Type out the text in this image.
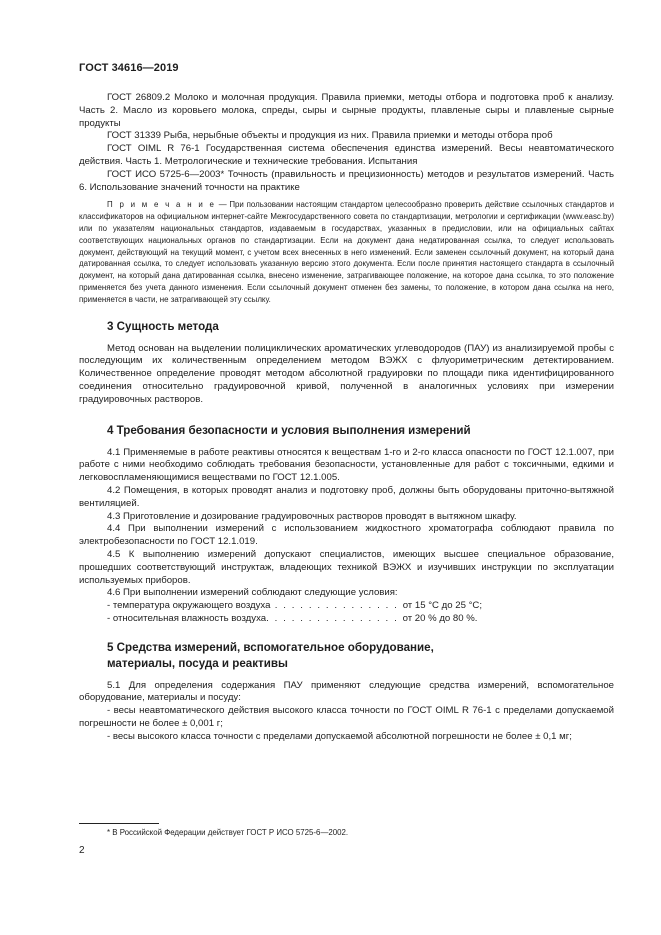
ГОСТ 34616—2019

ГОСТ 26809.2 Молоко и молочная продукция. Правила приемки, методы отбора и подготовка проб к анализу. Часть 2. Масло из коровьего молока, спреды, сыры и сырные продукты, плавленые сыры и плавленые сырные продукты

ГОСТ 31339 Рыба, нерыбные объекты и продукция из них. Правила приемки и методы отбора проб

ГОСТ OIML R 76-1 Государственная система обеспечения единства измерений. Весы неавтоматического действия. Часть 1. Метрологические и технические требования. Испытания

ГОСТ ИСО 5725-6—2003* Точность (правильность и прецизионность) методов и результатов измерений. Часть 6. Использование значений точности на практике

П р и м е ч а н и е — При пользовании настоящим стандартом целесообразно проверить действие ссылочных стандартов и классификаторов на официальном интернет-сайте Межгосударственного совета по стандартизации, метрологии и сертификации (www.easc.by) или по указателям национальных стандартов, издаваемым в государствах, указанных в предисловии, или на официальных сайтах соответствующих национальных органов по стандартизации. Если на документ дана недатированная ссылка, то следует использовать документ, действующий на текущий момент, с учетом всех внесенных в него изменений. Если заменен ссылочный документ, на который дана датированная ссылка, то следует использовать указанную версию этого документа. Если после принятия настоящего стандарта в ссылочный документ, на который дана датированная ссылка, внесено изменение, затрагивающее положение, на которое дана ссылка, то это положение применяется без учета данного изменения. Если ссылочный документ отменен без замены, то положение, в котором дана ссылка на него, применяется в части, не затрагивающей эту ссылку.

3 Сущность метода

Метод основан на выделении полициклических ароматических углеводородов (ПАУ) из анализируемой пробы с последующим их количественным определением методом ВЭЖХ с флуориметрическим детектированием. Количественное определение проводят методом абсолютной градуировки по площади пика идентифицированного соединения относительно градуировочной кривой, полученной в аналогичных условиях при измерении градуировочных растворов.

4 Требования безопасности и условия выполнения измерений

4.1 Применяемые в работе реактивы относятся к веществам 1-го и 2-го класса опасности по ГОСТ 12.1.007, при работе с ними необходимо соблюдать требования безопасности, установленные для работ с токсичными, едкими и легковоспламеняющимися веществами по ГОСТ 12.1.005.

4.2 Помещения, в которых проводят анализ и подготовку проб, должны быть оборудованы приточно-вытяжной вентиляцией.

4.3 Приготовление и дозирование градуировочных растворов проводят в вытяжном шкафу.

4.4 При выполнении измерений с использованием жидкостного хроматографа соблюдают правила по электробезопасности по ГОСТ 12.1.019.

4.5 К выполнению измерений допускают специалистов, имеющих высшее специальное образование, прошедших соответствующий инструктаж, владеющих техникой ВЭЖХ и изучивших инструкции по эксплуатации используемых приборов.

4.6 При выполнении измерений соблюдают следующие условия:

- температура окружающего воздуха . . . . . . . . . . . . . . . от 15 °C до 25 °C;

- относительная влажность воздуха. . . . . . . . . . . . . . . . от 20 % до 80 %.

5 Средства измерений, вспомогательное оборудование,
материалы, посуда и реактивы

5.1 Для определения содержания ПАУ применяют следующие средства измерений, вспомогательное оборудование, материалы и посуду:

- весы неавтоматического действия высокого класса точности по ГОСТ OIML R 76-1 с пределами допускаемой погрешности не более ± 0,001 г;

- весы высокого класса точности с пределами допускаемой абсолютной погрешности не более ± 0,1 мг;

* В Российской Федерации действует ГОСТ Р ИСО 5725-6—2002.
2
